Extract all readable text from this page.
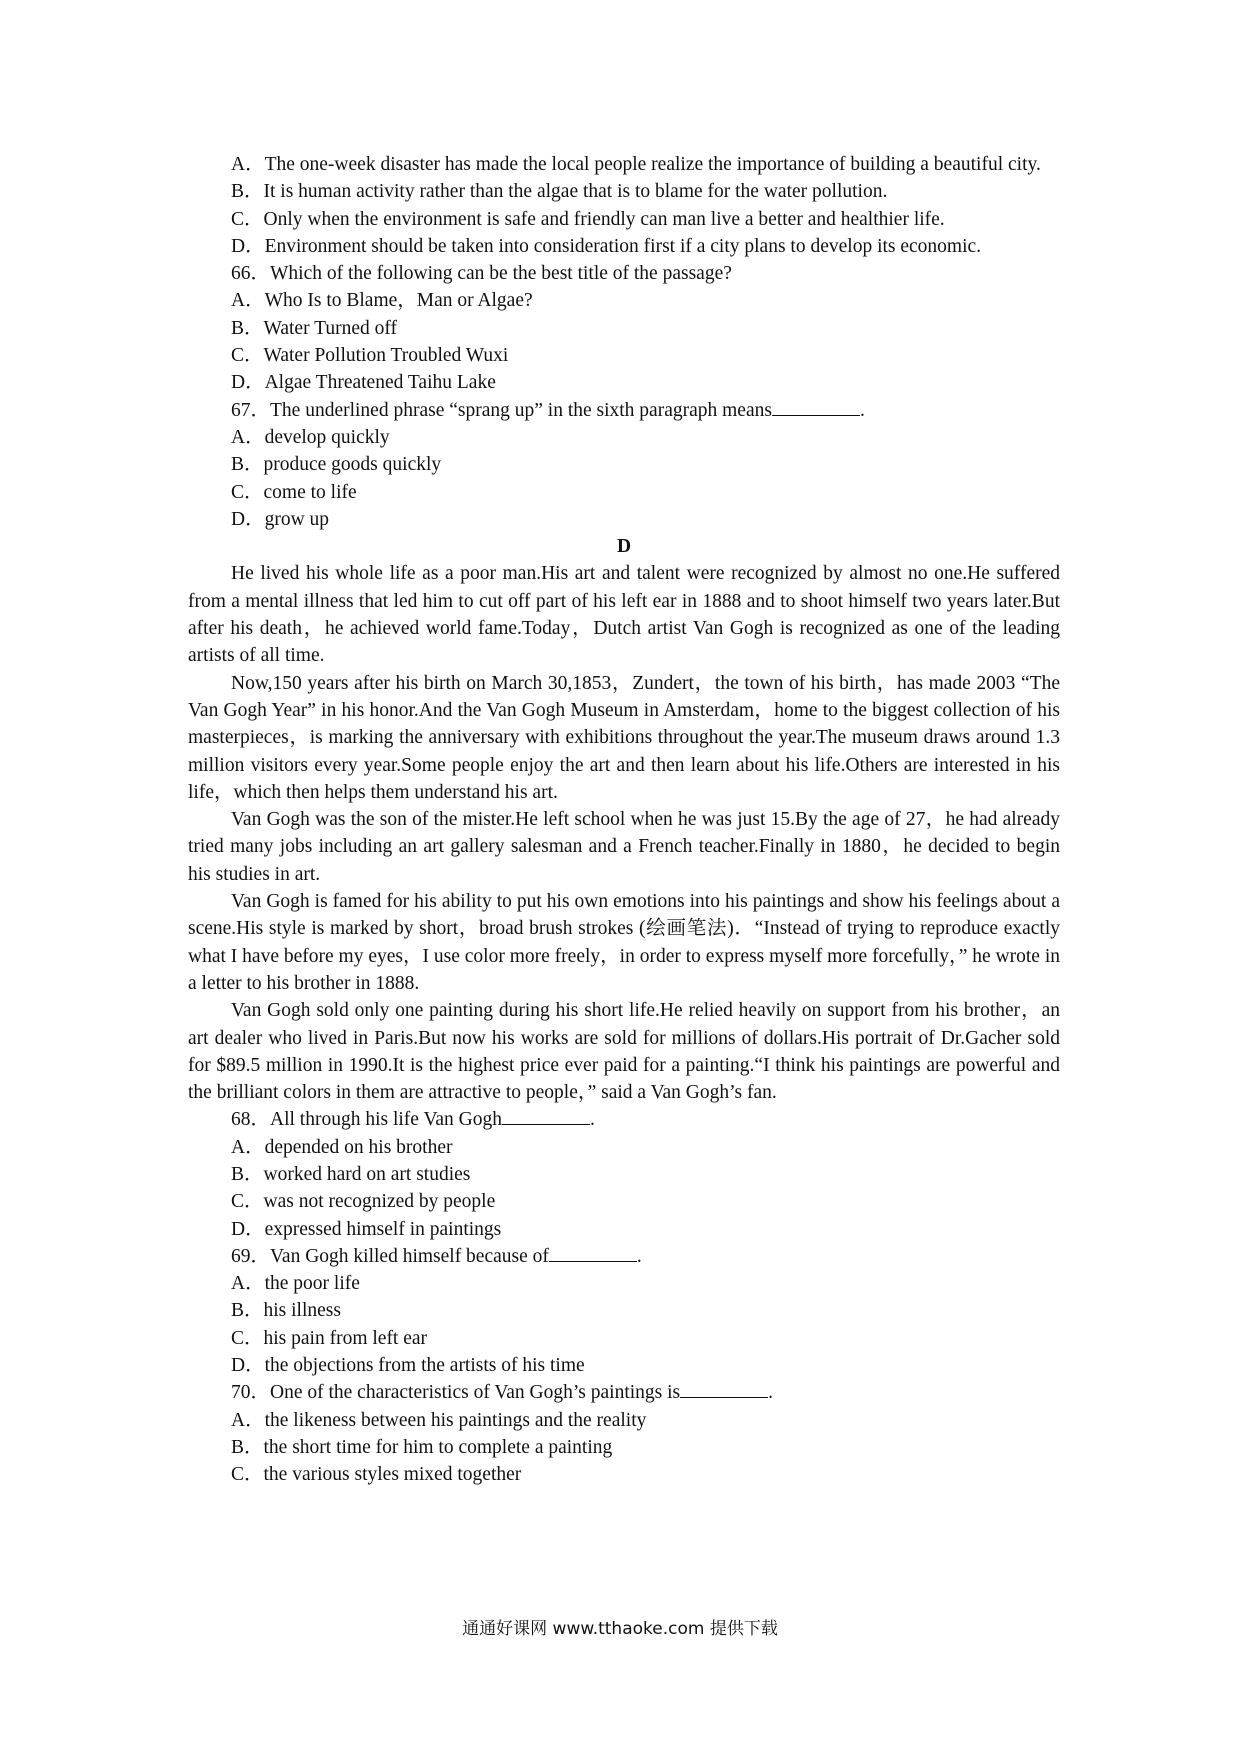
A．The one-week disaster has made the local people realize the importance of building a beautiful city.

B．It is human activity rather than the algae that is to blame for the water pollution.

C．Only when the environment is safe and friendly can man live a better and healthier life.

D．Environment should be taken into consideration first if a city plans to develop its economic.

66．Which of the following can be the best title of the passage?

A．Who Is to Blame，Man or Algae?

B．Water Turned off

C．Water Pollution Troubled Wuxi

D．Algae Threatened Taihu Lake

67．The underlined phrase “sprang up” in the sixth paragraph means	.

A．develop quickly

B．produce goods quickly

C．come to life

D．grow up

D

He lived his whole life as a poor man.His art and talent were recognized by almost no one.He suffered from a mental illness that led him to cut off part of his left ear in 1888 and to shoot himself two years later.But after his death，he achieved world fame.Today，Dutch artist Van Gogh is recognized as one of the leading artists of all time.

Now,150 years after his birth on March 30,1853，Zundert，the town of his birth，has made 2003 “The Van Gogh Year” in his honor.And the Van Gogh Museum in Amsterdam，home to the biggest collection of his masterpieces，is marking the anniversary with exhibitions throughout the year.The museum draws around 1.3 million visitors every year.Some people enjoy the art and then learn about his life.Others are interested in his life，which then helps them understand his art.

Van Gogh was the son of the mister.He left school when he was just 15.By the age of 27，he had already tried many jobs including an art gallery salesman and a French teacher.Finally in 1880，he decided to begin his studies in art.

Van Gogh is famed for his ability to put his own emotions into his paintings and show his feelings about a scene.His style is marked by short，broad brush strokes (绘画笔法)．“Instead of trying to reproduce exactly what I have before my eyes，I use color more freely，in order to express myself more forcefully，” he wrote in a letter to his brother in 1888.

Van Gogh sold only one painting during his short life.He relied heavily on support from his brother，an art dealer who lived in Paris.But now his works are sold for millions of dollars.His portrait of Dr.Gacher sold for $89.5 million in 1990.It is the highest price ever paid for a painting.“I think his paintings are powerful and the brilliant colors in them are attractive to people，” said a Van Gogh’s fan.

68．All through his life Van Gogh	.

A．depended on his brother

B．worked hard on art studies

C．was not recognized by people

D．expressed himself in paintings

69．Van Gogh killed himself because of	.

A．the poor life

B．his illness

C．his pain from left ear

D．the objections from the artists of his time

70．One of the characteristics of Van Gogh’s paintings is	.

A．the likeness between his paintings and the reality

B．the short time for him to complete a painting

C．the various styles mixed together

通通好课网 www.tthaoke.com 提供下载
